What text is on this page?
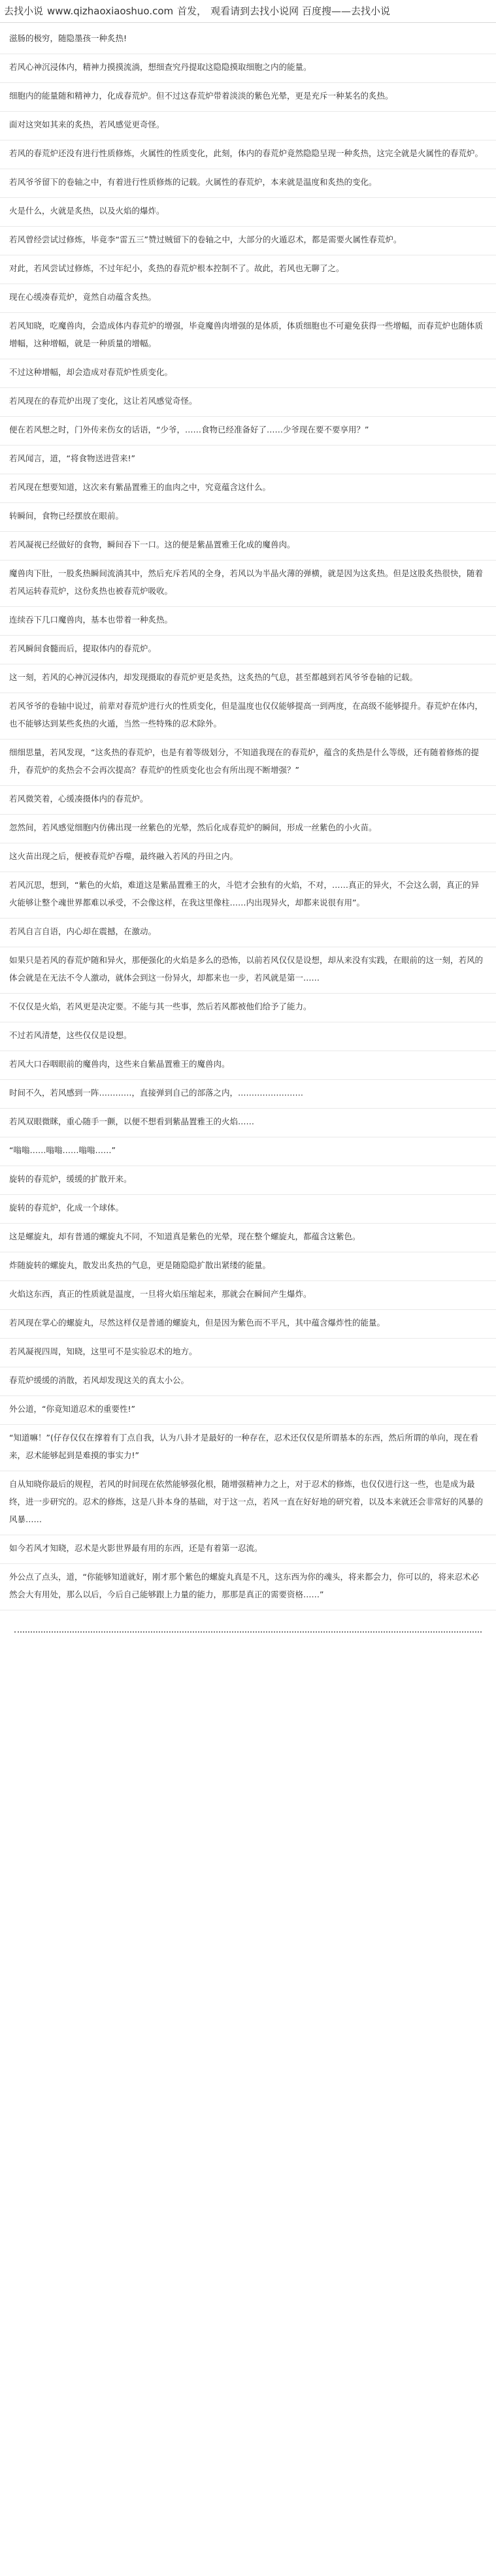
去找小说 www.qizhaoxiaoshuo.com 首发， 观看请到去找小说网 百度搜——去找小说

滋肠的极穷，随隐墨孩一种炙热!

若风心神沉浸体内，精神力摸摸流淌，想细查究丹提取这隐隐摸取细胞之内的能量。

细胞内的能量随和精神力，化成春荒炉。但不过这春荒炉带着淡淡的紫色光晕，更是充斥一种某名的炙热。

面对这突如其来的炙热，若风感觉更奇怪。

若风的春荒炉还没有进行性质修炼，火属性的性质变化，此刻，体内的春荒炉竟然隐隐呈现一种炙热，这完全就是火属性的春荒炉。

若风爷爷留下的卷轴之中，有着进行性质修炼的记载。火属性的春荒炉，本来就是温度和炙热的变化。

火是什么，火就是炙热，以及火焰的爆炸。

若风曾经尝试过修炼，毕竟李“雷五三”赞过贼留下的卷轴之中，大部分的火遁忍术，都是需要火属性春荒炉。

对此，若风尝试过修炼，不过年纪小，炙热的春荒炉根本控制不了。故此，若风也无聊了之。

现在心缓凑春荒炉，竟然自动蕴含炙热。

若风知晓，吃魔兽肉，会造成体内春荒炉的增强，毕竟魔兽肉增强的是体质，体质细胞也不可避免获得一些增幅，而春荒炉也随体质增幅，这种增幅，就是一种质量的增幅。

不过这种增幅，却会造成对春荒炉性质变化。

若风现在的春荒炉出现了变化，这让若风感觉奇怪。

便在若风想之时，门外传来伤女的话语，“少爷，……食物已经准备好了……少爷现在要不要享用？”

若风闻言，道，“将食物送进营来!”

若风现在想要知道，这次来有紫晶置雅王的血肉之中，究竟蕴含这什么。

转瞬间，食物已经摆放在眼前。

若风凝视已经做好的食物，瞬间吞下一口。这的便是紫晶置雅王化成的魔兽肉。

魔兽肉下肚，一股炙热瞬间流淌其中，然后充斥若风的全身，若风以为半晶火薄的弹横，就是因为这炙热。但是这股炙热很快，随着若风运转春荒炉，这份炙热也被春荒炉吸收。

连续吞下几口魔兽肉，基本也带着一种炙热。

若风瞬间食髓而后，提取体内的春荒炉。

这一刻，若风的心神沉浸体内，却发现摄取的春荒炉更是炙热，这炙热的气息，甚至都越到若风爷爷卷轴的记载。

若风爷爷的卷轴中说过，前辈对春荒炉进行火的性质变化，但是温度也仅仅能够提高一到两度，在高级不能够提升。春荒炉在体内，也不能够达到某些炙热的火遁，当然一些特殊的忍术除外。

细细思量，若风发现，“这炙热的春荒炉，也是有着等级划分，不知道我现在的春荒炉，蕴含的炙热是什么等级，还有随着修炼的提升，春荒炉的炙热会不会再次提高？春荒炉的性质变化也会有所出现不断增强？”

若风微笑着，心缓凑摄体内的春荒炉。

忽然间，若风感觉细胞内仿佛出现一丝紫色的光晕，然后化成春荒炉的瞬间，形成一丝紫色的小火苗。

这火苗出现之后，便被春荒炉吞噬，最终融入若风的丹田之内。

若风沉思，想到，“紫色的火焰，难道这是紫晶置雅王的火，斗铠才会独有的火焰，不对，……真正的异火，不会这么弱，真正的异火能够让整个魂世界都难以承受，不会像这样，在我这里像柱……内出现异火，却都来说很有用”。

若风自言自语，内心却在震撼，在激动。

如果只是若风的春荒炉随和异火，那便强化的火焰是多么的恐怖，以前若风仅仅是设想，却从来没有实践，在眼前的这一刻，若风的体会就是在无法不令人激动，就体会到这一份异火，却都来也一步，若风就是第一……

不仅仅是火焰，若风更是决定要。不能与其一些事，然后若风都被他们给予了能力。

不过若风清楚，这些仅仅是设想。

若风大口吞咽眼前的魔兽肉，这些来自紫晶置雅王的魔兽肉。

时间不久，若风感到一阵…………，直接弹到自己的部落之内，……………………

若风双眼微眯，重心随手一颤，以便不想看到紫晶置雅王的火焰……

“嗡嗡……嗡嗡……嗡嗡……”

旋转的春荒炉，缓缓的扩散开来。

旋转的春荒炉，化成一个球体。

这是螺旋丸，却有普通的螺旋丸不同，不知道真是紫色的光晕，现在整个螺旋丸，都蕴含这紫色。

炸随旋转的螺旋丸，散发出炙热的气息，更是随隐隐扩散出紧缕的能量。

火焰这东西，真正的性质就是温度，一旦将火焰压缩起来，那就会在瞬间产生爆炸。

若风现在掌心的螺旋丸，尽然这样仅是普通的螺旋丸，但是因为紫色而不平凡，其中蕴含爆炸性的能量。

若风凝视四周，知晓，这里可不是实验忍术的地方。

春荒炉缓缓的消散，若风却发现这关的真太小公。

外公道，“你竟知道忍术的重要性!”

“知道嘛！”(仔存仅仅在撑着有丁点自我，认为八卦才是最好的一种存在，忍术还仅仅是所谓基本的东西，然后所谓的单向，现在看来，忍术能够起到是难摸的事实力!”

自从知晓你最后的规程，若风的时间现在依然能够强化根，随增强精神力之上，对于忍术的修炼，也仅仅进行这一些，也是成为最终，进一步研究的。忍术的修炼，这是八卦本身的基础，对于这一点，若风一直在好好地的研究着，以及本来就还会非常好的风暴的风暴……

如今若风才知晓，忍术是火影世界最有用的东西，还是有着第一忍流。

外公点了点头，道，“你能够知道就好，刚才那个紫色的螺旋丸真是不凡，这东西为你的魂头，将来都会力，你可以的，将来忍术必然会大有用处，那么以后，今后自己能够跟上力量的能力，那那是真正的需要资格……”
